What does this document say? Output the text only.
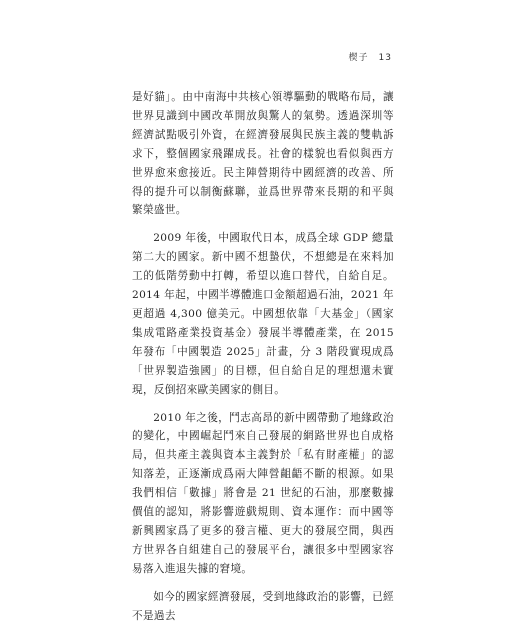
楔子 13

是好貓」。由中南海中共核心領導驅動的戰略布局，讓世界見識到中國改革開放與驚人的氣勢。透過深圳等經濟試點吸引外資，在經濟發展與民族主義的雙軌訴求下，整個國家飛躍成長。社會的樣貌也看似與西方世界愈來愈接近。民主陣營期待中國經濟的改善、所得的提升可以制衡蘇聯，並爲世界帶來長期的和平與繁榮盛世。

2009 年後，中國取代日本，成爲全球 GDP 總量第二大的國家。新中國不想蟄伏，不想總是在來料加工的低階勞動中打轉，希望以進口替代，自給自足。2014 年起，中國半導體進口金額超過石油，2021 年更超過 4,300 億美元。中國想依靠「大基金」（國家集成電路產業投資基金）發展半導體產業，在 2015 年發布「中國製造 2025」計畫，分 3 階段實現成爲「世界製造強國」的目標，但自給自足的理想還未實現，反倒招來歐美國家的側目。

2010 年之後，鬥志高昂的新中國帶動了地緣政治的變化，中國崛起鬥來自己發展的網路世界也自成格局，但共產主義與資本主義對於「私有財產權」的認知落差，正逐漸成爲兩大陣營齟齬不斷的根源。如果我們相信「數據」將會是 21 世紀的石油，那麼數據價值的認知，將影響遊戲規則、資本運作：而中國等新興國家爲了更多的發言權、更大的發展空間，與西方世界各自組建自己的發展平台，讓很多中型國家容易落入進退失據的窘境。

如今的國家經濟發展，受到地緣政治的影響，已經不是過去
